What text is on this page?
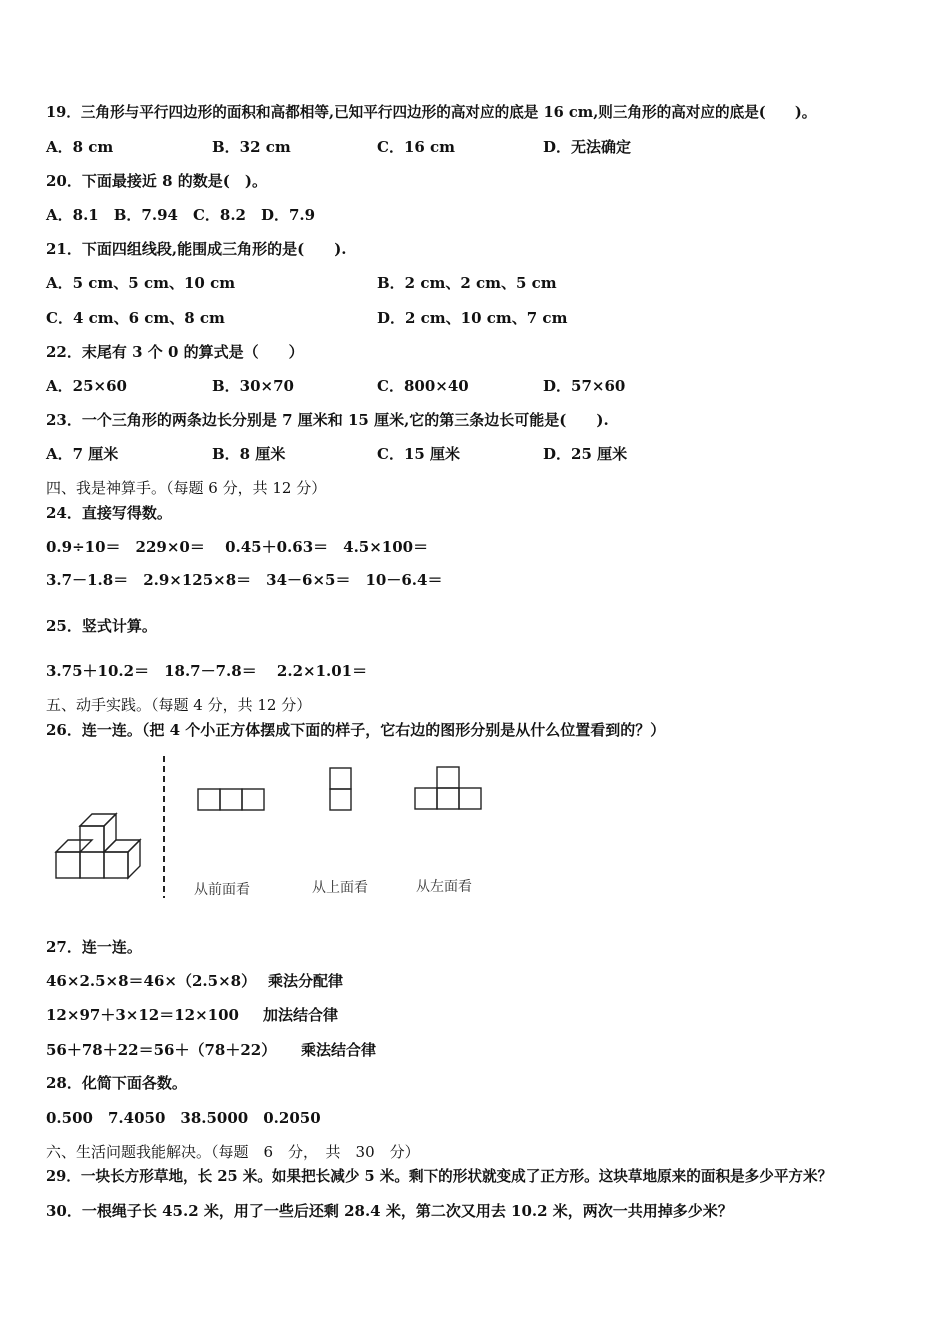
19．三角形与平行四边形的面积和高都相等,已知平行四边形的高对应的底是 16 cm,则三角形的高对应的底是(　　)。
A．8 cm	B．32 cm	C．16 cm	D．无法确定
20．下面最接近 8 的数是(　)。
A．8.1　B．7.94　C．8.2　D．7.9
21．下面四组线段,能围成三角形的是(　　).
A．5 cm、5 cm、10 cm	B．2 cm、2 cm、5 cm
C．4 cm、6 cm、8 cm	D．2 cm、10 cm、7 cm
22．末尾有 3 个 0 的算式是（　　）
A．25×60	B．30×70	C．800×40	D．57×60
23．一个三角形的两条边长分别是 7 厘米和 15 厘米,它的第三条边长可能是(　　).
A．7 厘米	B．8 厘米	C．15 厘米	D．25 厘米
四、我是神算手。（每题 6 分，共 12 分）
24．直接写得数。
0.9÷10＝　229×0＝　 0.45＋0.63＝　4.5×100＝
3.7－1.8＝　2.9×125×8＝　34－6×5＝　10－6.4＝
25．竖式计算。
3.75＋10.2＝　18.7－7.8＝　 2.2×1.01＝
五、动手实践。（每题 4 分，共 12 分）
26．连一连。（把 4 个小正方体摆成下面的样子，它右边的图形分别是从什么位置看到的？）
从前面看	从上面看	从左面看
27．连一连。
46×2.5×8＝46×（2.5×8） 乘法分配律
12×97＋3×12＝12×100 加法结合律
56＋78＋22＝56＋（78＋22） 乘法结合律
28．化简下面各数。
0.500　7.4050　38.5000　0.2050
六、生活问题我能解决。（每题　6　分，　共　30　分）
29．一块长方形草地，长 25 米。如果把长减少 5 米。剩下的形状就变成了正方形。这块草地原来的面积是多少平方米？
30．一根绳子长 45.2 米，用了一些后还剩 28.4 米，第二次又用去 10.2 米，两次一共用掉多少米？
